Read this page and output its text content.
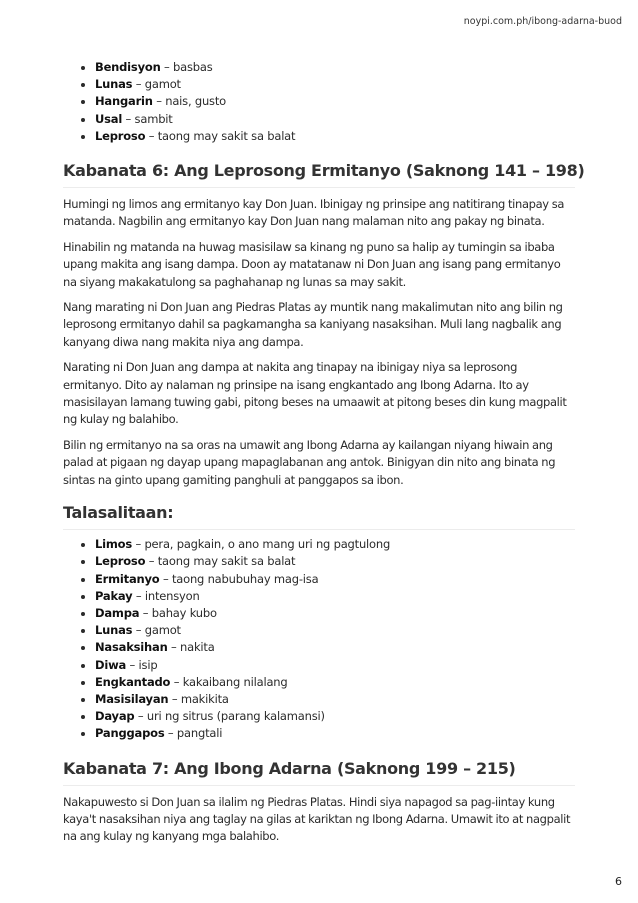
noypi.com.ph/ibong-adarna-buod
Bendisyon – basbas
Lunas – gamot
Hangarin – nais, gusto
Usal – sambit
Leproso – taong may sakit sa balat
Kabanata 6: Ang Leprosong Ermitanyo (Saknong 141 – 198)

Humingi ng limos ang ermitanyo kay Don Juan. Ibinigay ng prinsipe ang natitirang tinapay sa matanda. Nagbilin ang ermitanyo kay Don Juan nang malaman nito ang pakay ng binata.

Hinabilin ng matanda na huwag masisilaw sa kinang ng puno sa halip ay tumingin sa ibaba upang makita ang isang dampa. Doon ay matatanaw ni Don Juan ang isang pang ermitanyo na siyang makakatulong sa paghahanap ng lunas sa may sakit.

Nang marating ni Don Juan ang Piedras Platas ay muntik nang makalimutan nito ang bilin ng leprosong ermitanyo dahil sa pagkamangha sa kaniyang nasaksihan. Muli lang nagbalik ang kanyang diwa nang makita niya ang dampa.

Narating ni Don Juan ang dampa at nakita ang tinapay na ibinigay niya sa leprosong ermitanyo. Dito ay nalaman ng prinsipe na isang engkantado ang Ibong Adarna. Ito ay masisilayan lamang tuwing gabi, pitong beses na umaawit at pitong beses din kung magpalit ng kulay ng balahibo.

Bilin ng ermitanyo na sa oras na umawit ang Ibong Adarna ay kailangan niyang hiwain ang palad at pigaan ng dayap upang mapaglabanan ang antok. Binigyan din nito ang binata ng sintas na ginto upang gamiting panghuli at panggapos sa ibon.

Talasalitaan:
Limos – pera, pagkain, o ano mang uri ng pagtulong
Leproso – taong may sakit sa balat
Ermitanyo – taong nabubuhay mag-isa
Pakay – intensyon
Dampa – bahay kubo
Lunas – gamot
Nasaksihan – nakita
Diwa – isip
Engkantado – kakaibang nilalang
Masisilayan – makikita
Dayap – uri ng sitrus (parang kalamansi)
Panggapos – pangtali
Kabanata 7: Ang Ibong Adarna (Saknong 199 – 215)

Nakapuwesto si Don Juan sa ilalim ng Piedras Platas. Hindi siya napagod sa pag-iintay kung kaya't nasaksihan niya ang taglay na gilas at kariktan ng Ibong Adarna. Umawit ito at nagpalit na ang kulay ng kanyang mga balahibo.

6
